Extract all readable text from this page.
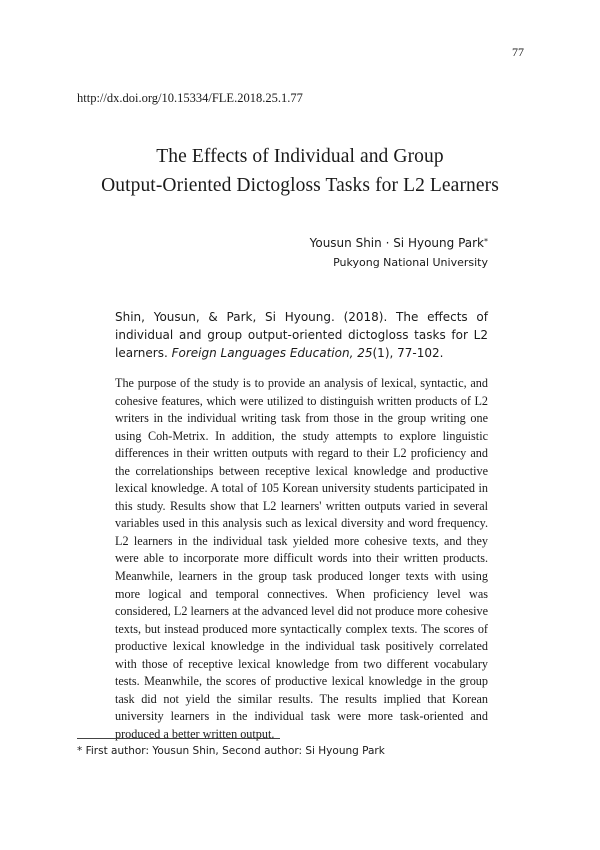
77
http://dx.doi.org/10.15334/FLE.2018.25.1.77
The Effects of Individual and Group
Output-Oriented Dictogloss Tasks for L2 Learners
Yousun Shin · Si Hyoung Park*
Pukyong National University
Shin, Yousun, & Park, Si Hyoung. (2018). The effects of individual and group output-oriented dictogloss tasks for L2 learners. Foreign Languages Education, 25(1), 77-102.
The purpose of the study is to provide an analysis of lexical, syntactic, and cohesive features, which were utilized to distinguish written products of L2 writers in the individual writing task from those in the group writing one using Coh-Metrix. In addition, the study attempts to explore linguistic differences in their written outputs with regard to their L2 proficiency and the correlationships between receptive lexical knowledge and productive lexical knowledge. A total of 105 Korean university students participated in this study. Results show that L2 learners' written outputs varied in several variables used in this analysis such as lexical diversity and word frequency. L2 learners in the individual task yielded more cohesive texts, and they were able to incorporate more difficult words into their written products. Meanwhile, learners in the group task produced longer texts with using more logical and temporal connectives. When proficiency level was considered, L2 learners at the advanced level did not produce more cohesive texts, but instead produced more syntactically complex texts. The scores of productive lexical knowledge in the individual task positively correlated with those of receptive lexical knowledge from two different vocabulary tests. Meanwhile, the scores of productive lexical knowledge in the group task did not yield the similar results. The results implied that Korean university learners in the individual task were more task-oriented and produced a better written output.
* First author: Yousun Shin, Second author: Si Hyoung Park
